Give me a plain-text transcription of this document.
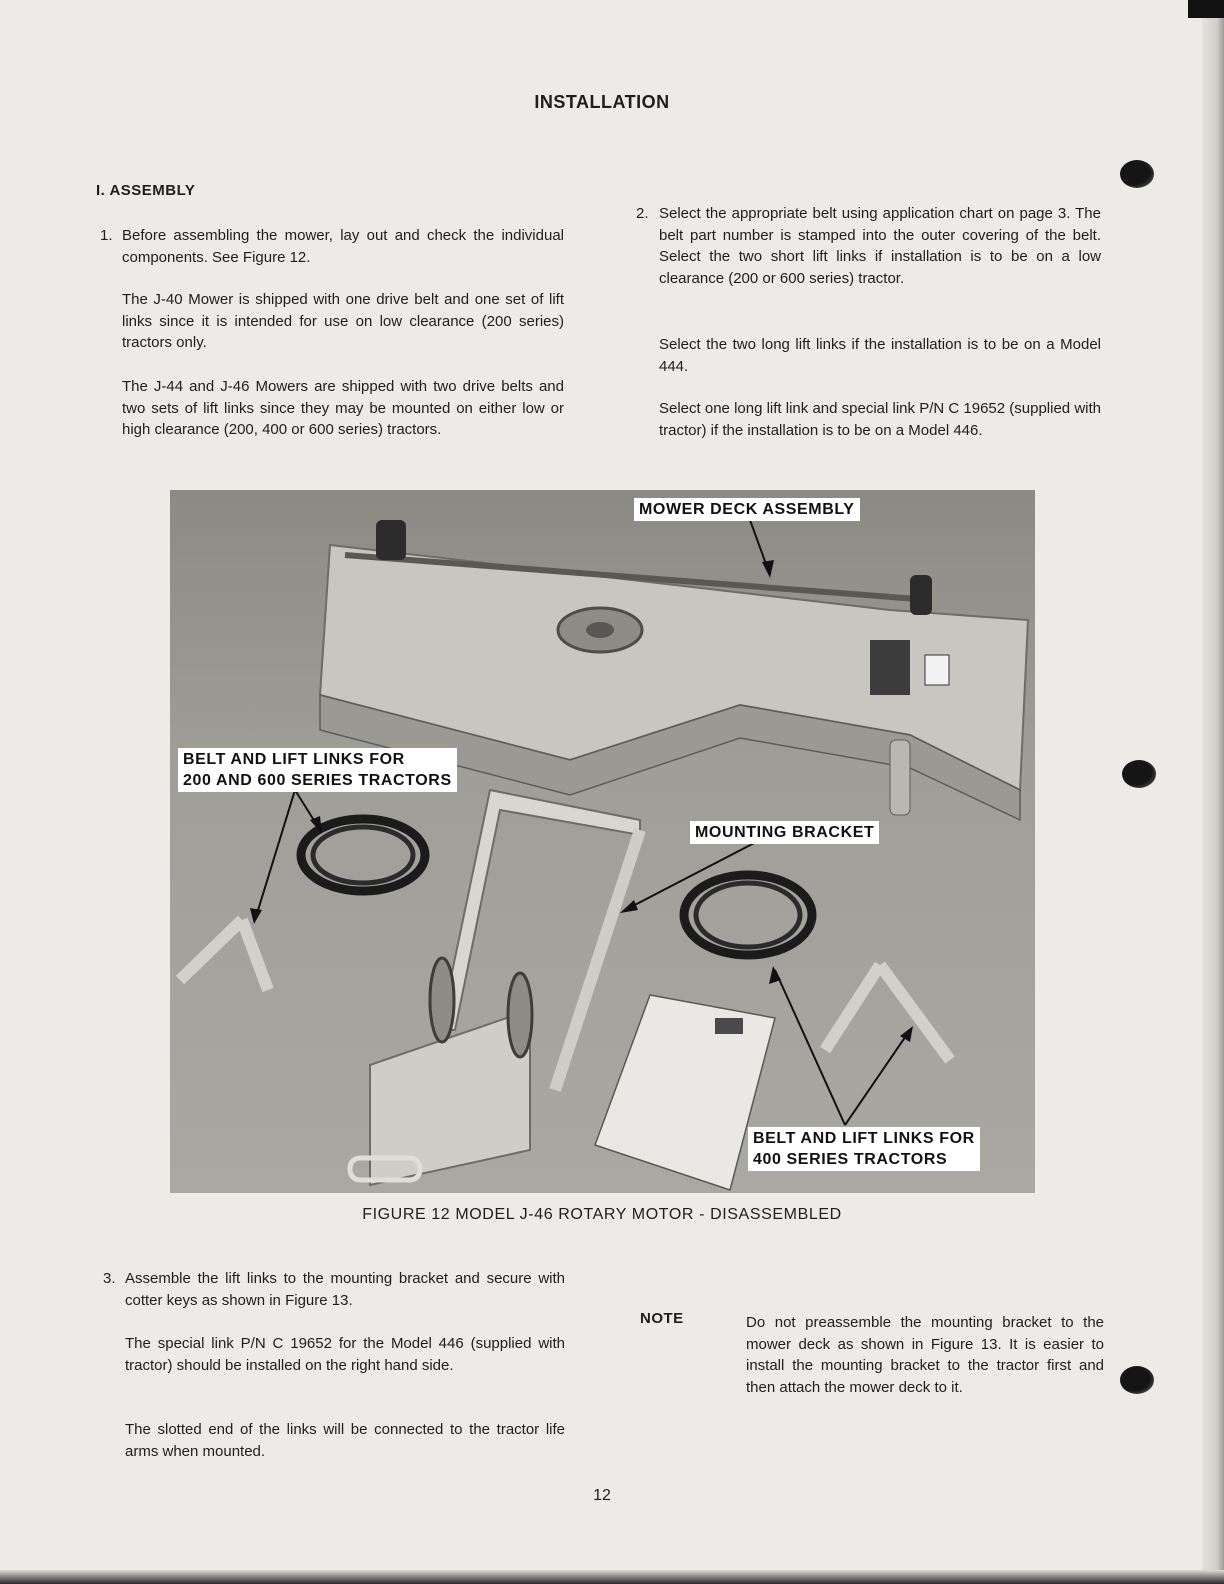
INSTALLATION
I. ASSEMBLY
1. Before assembling the mower, lay out and check the individual components. See Figure 12.
The J-40 Mower is shipped with one drive belt and one set of lift links since it is intended for use on low clearance (200 series) tractors only.
The J-44 and J-46 Mowers are shipped with two drive belts and two sets of lift links since they may be mounted on either low or high clearance (200, 400 or 600 series) tractors.
2. Select the appropriate belt using application chart on page 3. The belt part number is stamped into the outer covering of the belt. Select the two short lift links if installation is to be on a low clearance (200 or 600 series) tractor.
Select the two long lift links if the installation is to be on a Model 444.
Select one long lift link and special link P/N C 19652 (supplied with tractor) if the installation is to be on a Model 446.
MOWER DECK ASSEMBLY
BELT AND LIFT LINKS FOR
200 AND 600 SERIES TRACTORS
MOUNTING BRACKET
BELT AND LIFT LINKS FOR
400 SERIES TRACTORS
FIGURE 12 MODEL J-46 ROTARY MOTOR - DISASSEMBLED
3. Assemble the lift links to the mounting bracket and secure with cotter keys as shown in Figure 13.
The special link P/N C 19652 for the Model 446 (supplied with tractor) should be installed on the right hand side.
The slotted end of the links will be connected to the tractor life arms when mounted.
NOTE	Do not preassemble the mounting bracket to the mower deck as shown in Figure 13. It is easier to install the mounting bracket to the tractor first and then attach the mower deck to it.
12
